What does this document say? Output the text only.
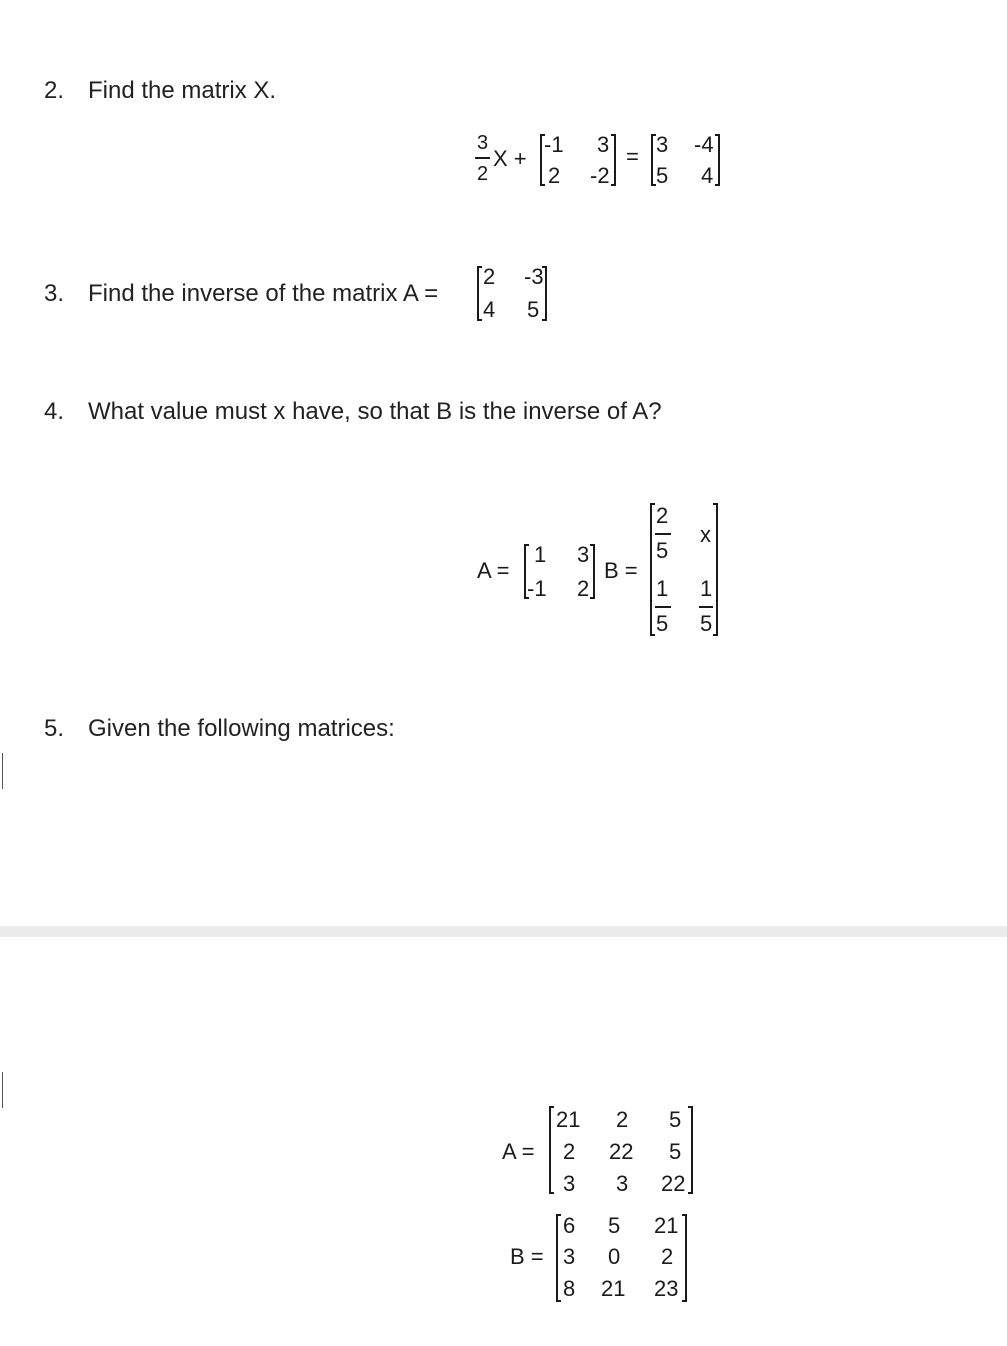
2. Find the matrix X.
3
2
X +
-1 3
2 -2
= 3 -4
5 4
3. Find the inverse of the matrix A =
2 -3
4 5
4. What value must x have, so that B is the inverse of A?
A =
1 3
-1 2
B =
2
5
x
1
5
1
5
5. Given the following matrices:
A =
21 2 5
2 22 5
3 3 22
B =
6 5 21
3 0 2
8 21 23
